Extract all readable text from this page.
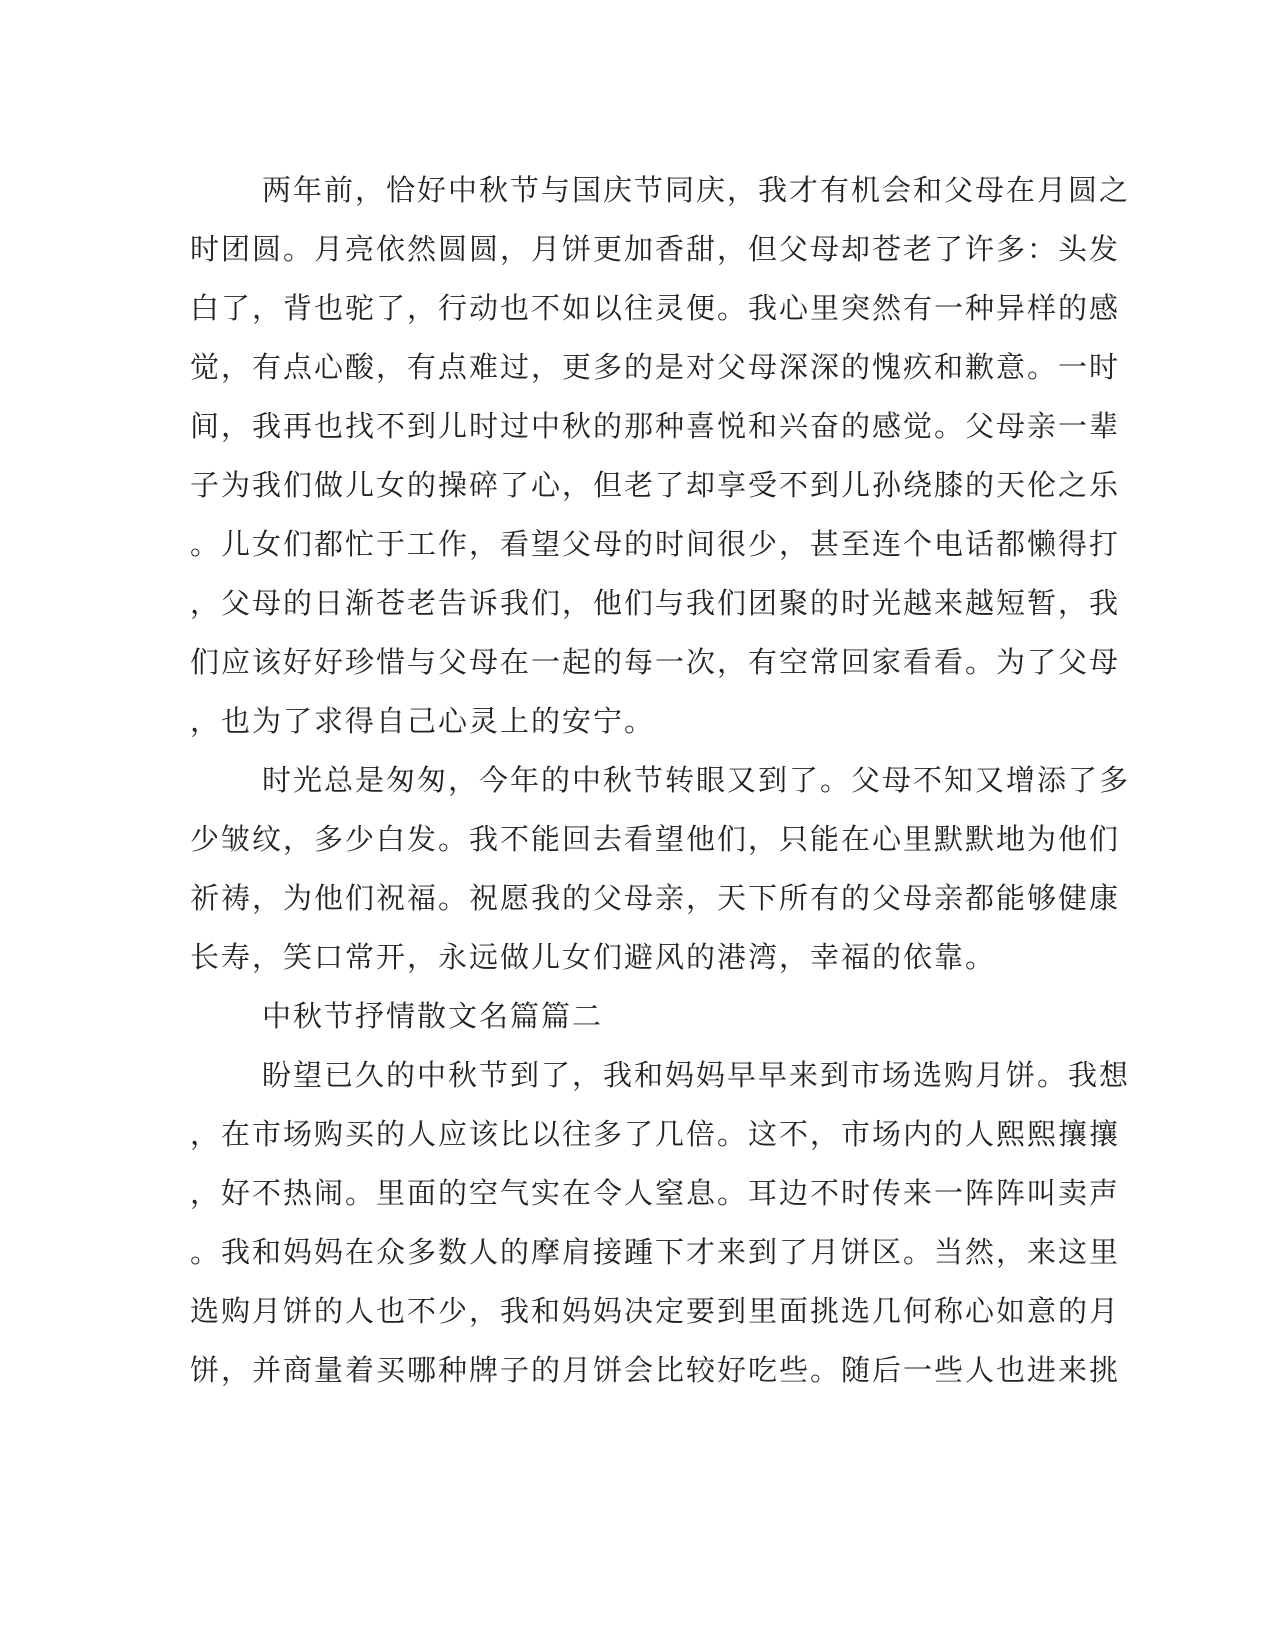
两年前，恰好中秋节与国庆节同庆，我才有机会和父母在月圆之
时团圆。月亮依然圆圆，月饼更加香甜，但父母却苍老了许多：头发
白了，背也驼了，行动也不如以往灵便。我心里突然有一种异样的感
觉，有点心酸，有点难过，更多的是对父母深深的愧疚和歉意。一时
间，我再也找不到儿时过中秋的那种喜悦和兴奋的感觉。父母亲一辈
子为我们做儿女的操碎了心，但老了却享受不到儿孙绕膝的天伦之乐
。儿女们都忙于工作，看望父母的时间很少，甚至连个电话都懒得打
，父母的日渐苍老告诉我们，他们与我们团聚的时光越来越短暂，我
们应该好好珍惜与父母在一起的每一次，有空常回家看看。为了父母
，也为了求得自己心灵上的安宁。
时光总是匆匆，今年的中秋节转眼又到了。父母不知又增添了多
少皱纹，多少白发。我不能回去看望他们，只能在心里默默地为他们
祈祷，为他们祝福。祝愿我的父母亲，天下所有的父母亲都能够健康
长寿，笑口常开，永远做儿女们避风的港湾，幸福的依靠。
中秋节抒情散文名篇篇二
盼望已久的中秋节到了，我和妈妈早早来到市场选购月饼。我想
，在市场购买的人应该比以往多了几倍。这不，市场内的人熙熙攘攘
，好不热闹。里面的空气实在令人窒息。耳边不时传来一阵阵叫卖声
。我和妈妈在众多数人的摩肩接踵下才来到了月饼区。当然，来这里
选购月饼的人也不少，我和妈妈决定要到里面挑选几何称心如意的月
饼，并商量着买哪种牌子的月饼会比较好吃些。随后一些人也进来挑
